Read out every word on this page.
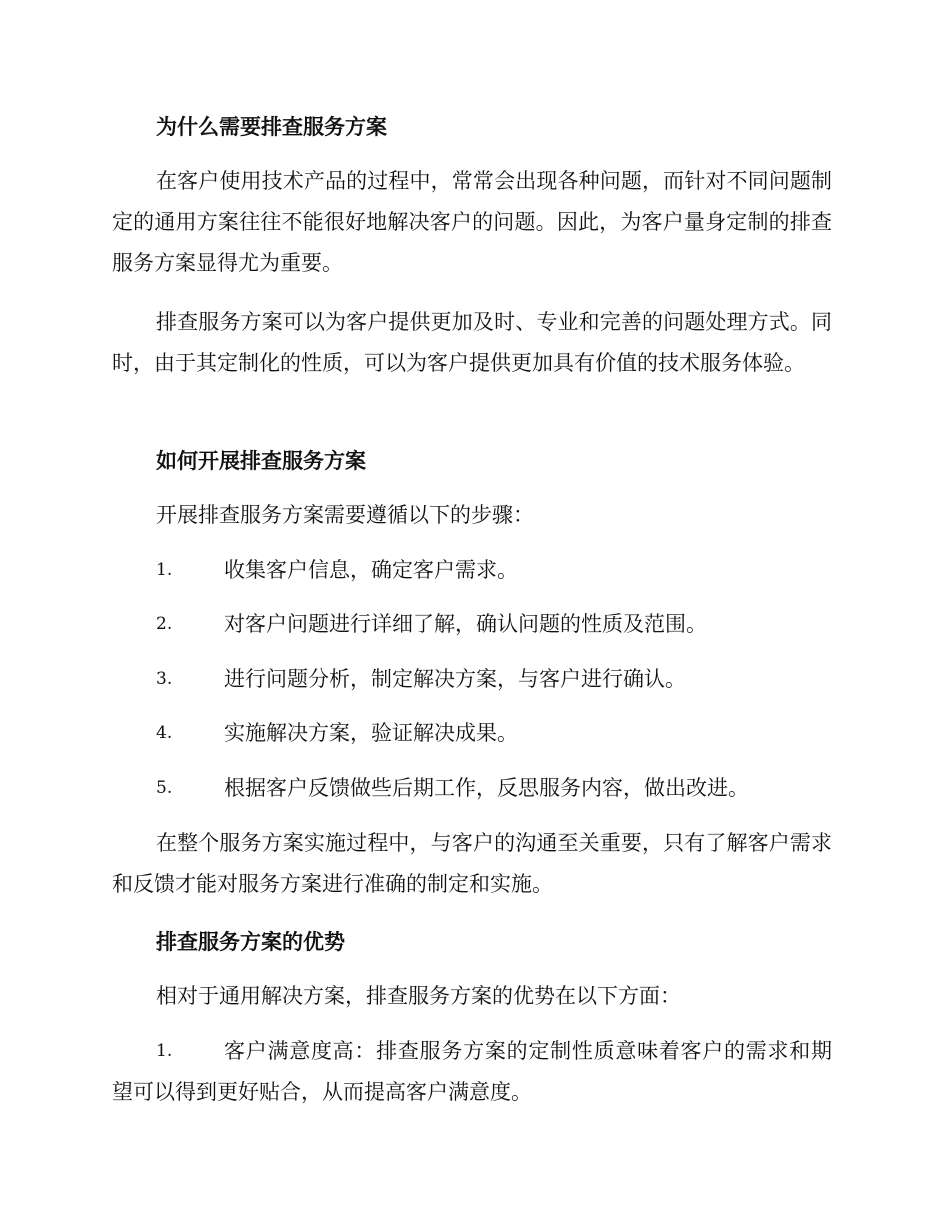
为什么需要排查服务方案

在客户使用技术产品的过程中，常常会出现各种问题，而针对不同问题制定的通用方案往往不能很好地解决客户的问题。因此，为客户量身定制的排查服务方案显得尤为重要。

排查服务方案可以为客户提供更加及时、专业和完善的问题处理方式。同时，由于其定制化的性质，可以为客户提供更加具有价值的技术服务体验。

如何开展排查服务方案

开展排查服务方案需要遵循以下的步骤：

1. 收集客户信息，确定客户需求。
2. 对客户问题进行详细了解，确认问题的性质及范围。
3. 进行问题分析，制定解决方案，与客户进行确认。
4. 实施解决方案，验证解决成果。
5. 根据客户反馈做些后期工作，反思服务内容，做出改进。

在整个服务方案实施过程中，与客户的沟通至关重要，只有了解客户需求和反馈才能对服务方案进行准确的制定和实施。

排查服务方案的优势

相对于通用解决方案，排查服务方案的优势在以下方面：

$^{1.}$ 客户满意度高：排查服务方案的定制性质意味着客户的需求和期望可以得到更好贴合，从而提高客户满意度。
